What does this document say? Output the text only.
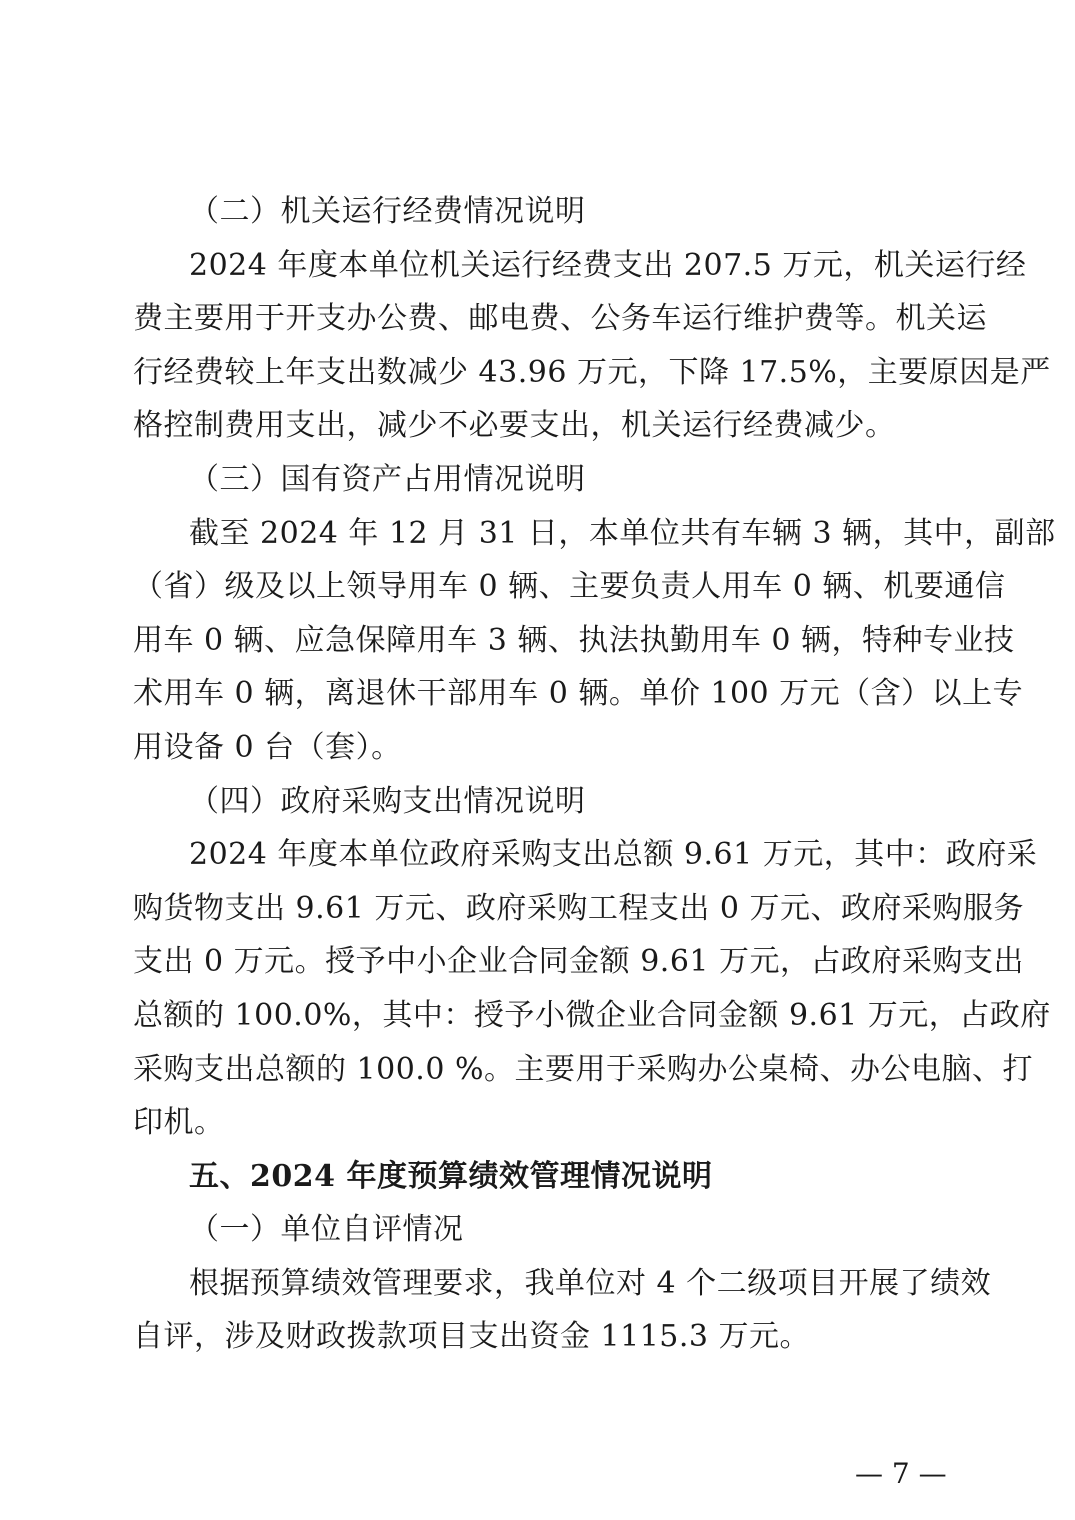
（二）机关运行经费情况说明
2024 年度本单位机关运行经费支出 207.5 万元，机关运行经
费主要用于开支办公费、邮电费、公务车运行维护费等。机关运
行经费较上年支出数减少 43.96 万元，下降 17.5%，主要原因是严
格控制费用支出，减少不必要支出，机关运行经费减少。
（三）国有资产占用情况说明
截至 2024 年 12 月 31 日，本单位共有车辆 3 辆，其中，副部
（省）级及以上领导用车 0 辆、主要负责人用车 0 辆、机要通信
用车 0 辆、应急保障用车 3 辆、执法执勤用车 0 辆，特种专业技
术用车 0 辆，离退休干部用车 0 辆。单价 100 万元（含）以上专
用设备 0 台（套）。
（四）政府采购支出情况说明
2024 年度本单位政府采购支出总额 9.61 万元，其中：政府采
购货物支出 9.61 万元、政府采购工程支出 0 万元、政府采购服务
支出 0 万元。授予中小企业合同金额 9.61 万元，占政府采购支出
总额的 100.0%，其中：授予小微企业合同金额 9.61 万元，占政府
采购支出总额的 100.0 %。主要用于采购办公桌椅、办公电脑、打
印机。
五、2024 年度预算绩效管理情况说明
（一）单位自评情况
根据预算绩效管理要求，我单位对 4 个二级项目开展了绩效
自评，涉及财政拨款项目支出资金 1115.3 万元。
— 7 —
